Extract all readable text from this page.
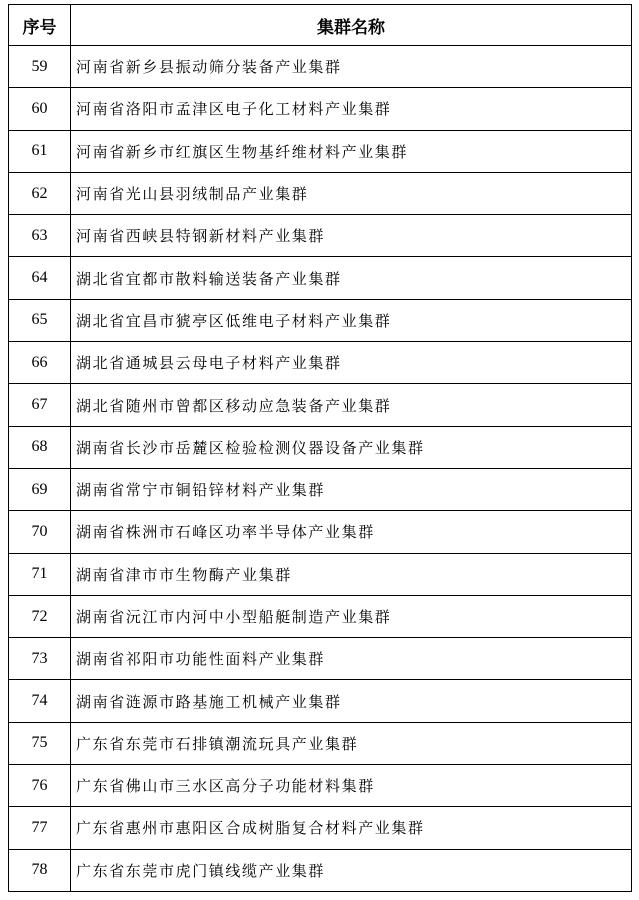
序号	集群名称
59	河南省新乡县振动筛分装备产业集群
60	河南省洛阳市孟津区电子化工材料产业集群
61	河南省新乡市红旗区生物基纤维材料产业集群
62	河南省光山县羽绒制品产业集群
63	河南省西峡县特钢新材料产业集群
64	湖北省宜都市散料输送装备产业集群
65	湖北省宜昌市猇亭区低维电子材料产业集群
66	湖北省通城县云母电子材料产业集群
67	湖北省随州市曾都区移动应急装备产业集群
68	湖南省长沙市岳麓区检验检测仪器设备产业集群
69	湖南省常宁市铜铅锌材料产业集群
70	湖南省株洲市石峰区功率半导体产业集群
71	湖南省津市市生物酶产业集群
72	湖南省沅江市内河中小型船艇制造产业集群
73	湖南省祁阳市功能性面料产业集群
74	湖南省涟源市路基施工机械产业集群
75	广东省东莞市石排镇潮流玩具产业集群
76	广东省佛山市三水区高分子功能材料集群
77	广东省惠州市惠阳区合成树脂复合材料产业集群
78	广东省东莞市虎门镇线缆产业集群
